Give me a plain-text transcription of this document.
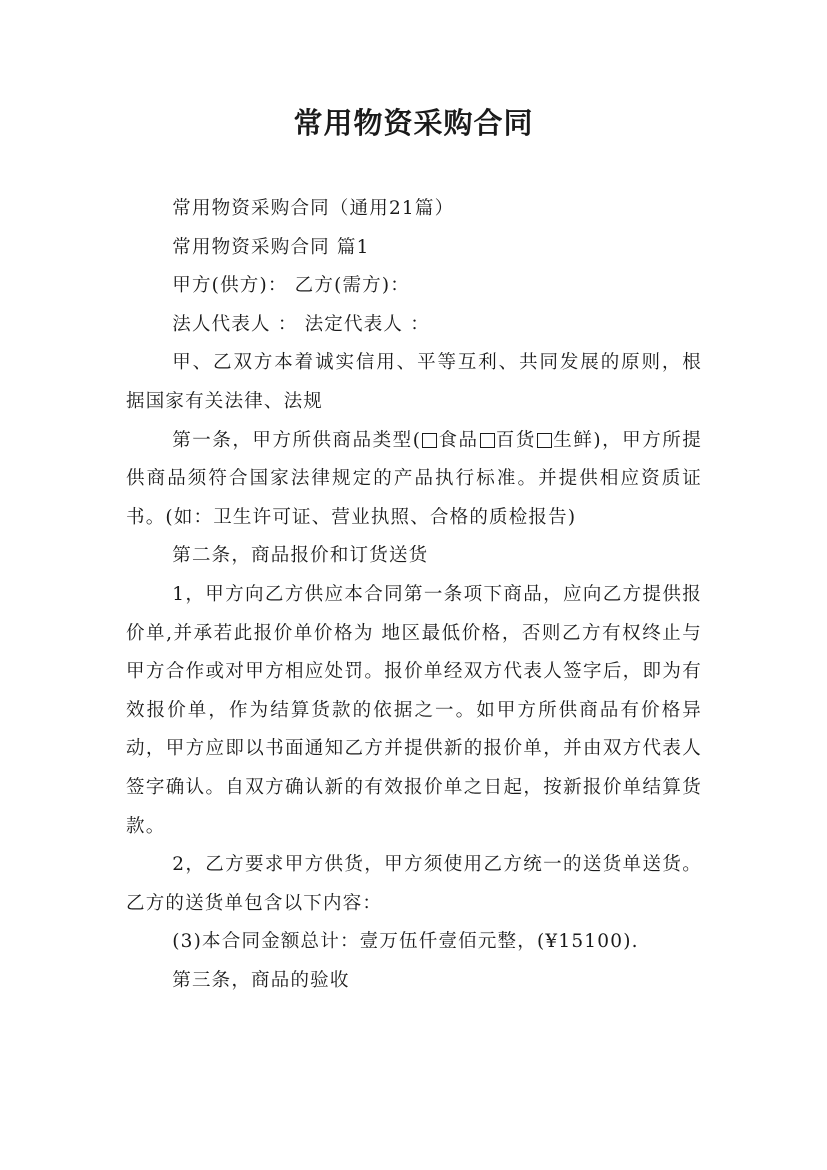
常用物资采购合同

常用物资采购合同（通用21篇）

常用物资采购合同 篇1

甲方(供方)： 乙方(需方)：

法人代表人 ： 法定代表人 ：

甲、乙双方本着诚实信用、平等互利、共同发展的原则，根据国家有关法律、法规

第一条，甲方所供商品类型( 食品 百货 生鲜)，甲方所提供商品须符合国家法律规定的产品执行标准。并提供相应资质证书。(如：卫生许可证、营业执照、合格的质检报告)

第二条，商品报价和订货送货

1，甲方向乙方供应本合同第一条项下商品，应向乙方提供报价单,并承若此报价单价格为 地区最低价格，否则乙方有权终止与甲方合作或对甲方相应处罚。报价单经双方代表人签字后，即为有效报价单，作为结算货款的依据之一。如甲方所供商品有价格异动，甲方应即以书面通知乙方并提供新的报价单，并由双方代表人签字确认。自双方确认新的有效报价单之日起，按新报价单结算货款。

2，乙方要求甲方供货，甲方须使用乙方统一的送货单送货。乙方的送货单包含以下内容：

(3)本合同金额总计：壹万伍仟壹佰元整，(¥15100).

第三条，商品的验收
